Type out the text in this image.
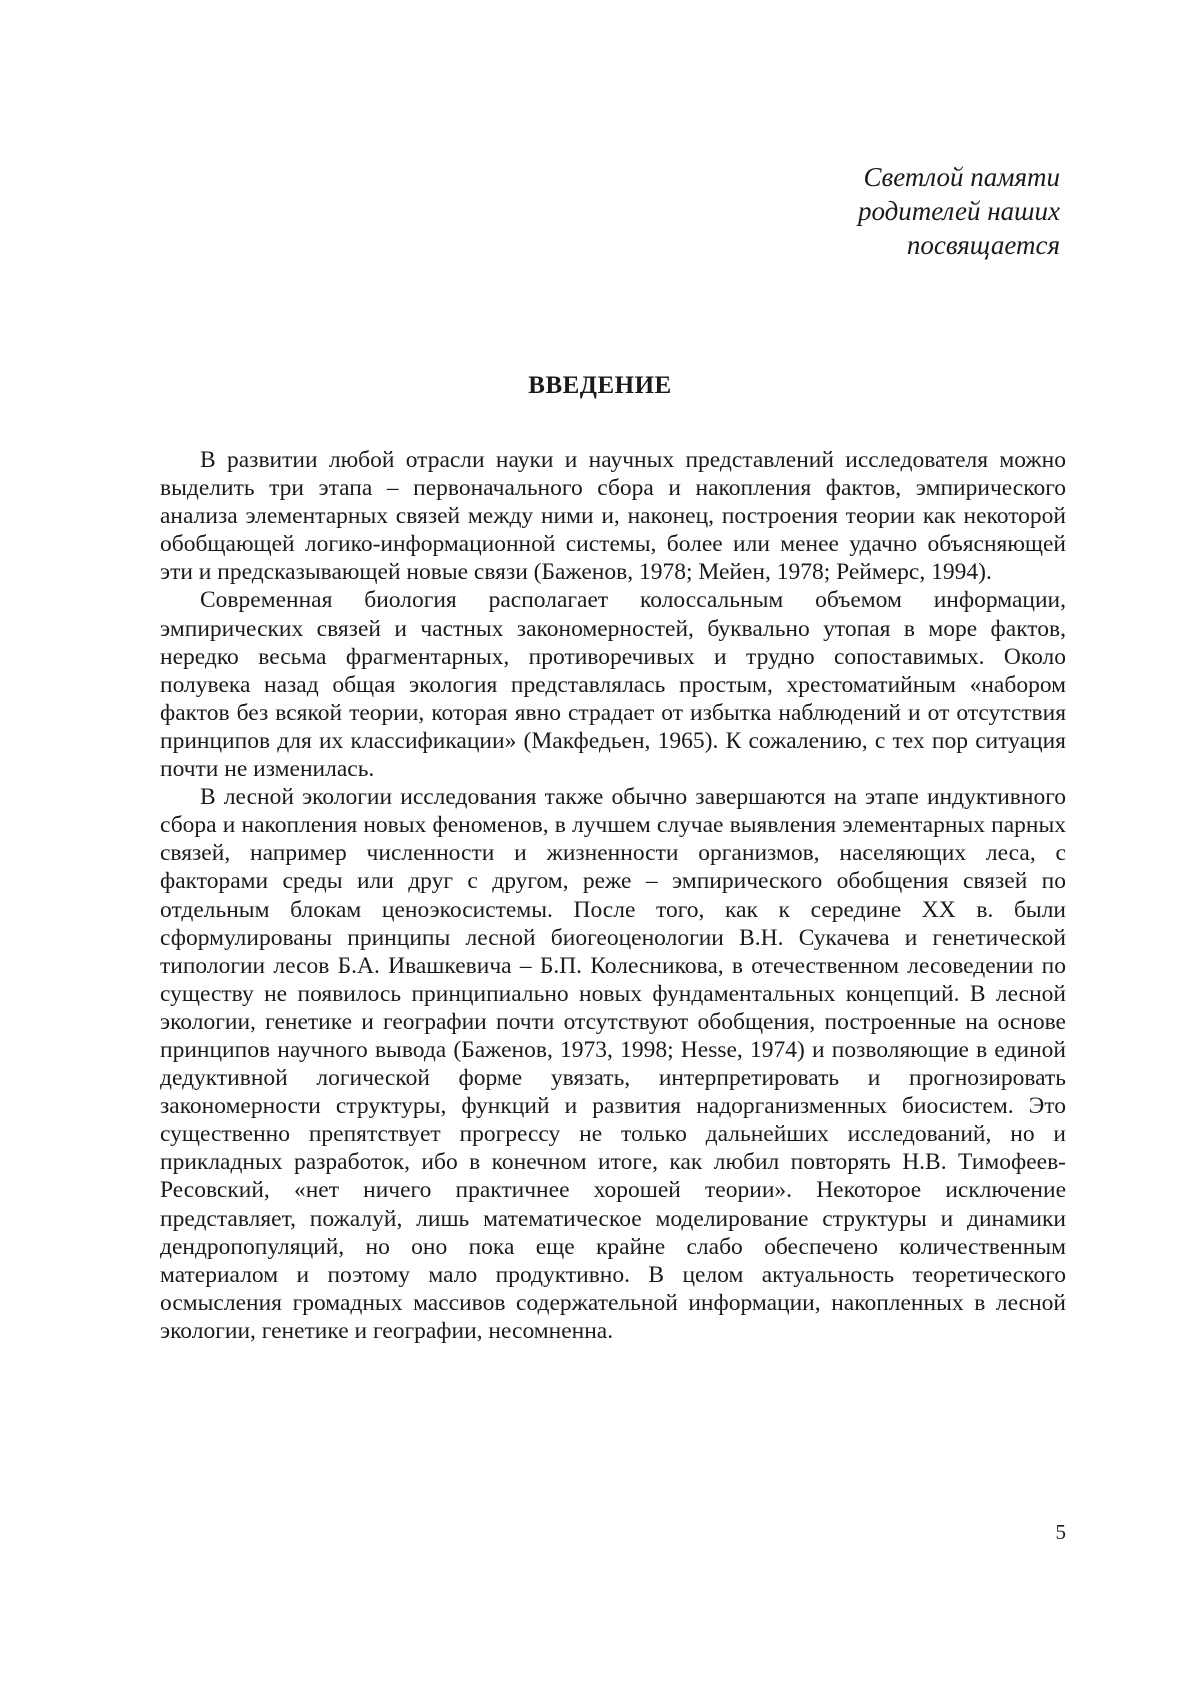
Светлой памяти
родителей наших
посвящается
ВВЕДЕНИЕ

В развитии любой отрасли науки и научных представлений исследователя можно выделить три этапа – первоначального сбора и накопления фактов, эмпирического анализа элементарных связей между ними и, наконец, построения теории как некоторой обобщающей логико-информационной системы, более или менее удачно объясняющей эти и предсказывающей новые связи (Баженов, 1978; Мейен, 1978; Реймерс, 1994).

Современная биология располагает колоссальным объемом информации, эмпирических связей и частных закономерностей, буквально утопая в море фактов, нередко весьма фрагментарных, противоречивых и трудно сопоставимых. Около полувека назад общая экология представлялась простым, хрестоматийным «набором фактов без всякой теории, которая явно страдает от избытка наблюдений и от отсутствия принципов для их классификации» (Макфедьен, 1965). К сожалению, с тех пор ситуация почти не изменилась.

В лесной экологии исследования также обычно завершаются на этапе индуктивного сбора и накопления новых феноменов, в лучшем случае выявления элементарных парных связей, например численности и жизненности организмов, населяющих леса, с факторами среды или друг с другом, реже – эмпирического обобщения связей по отдельным блокам ценоэкосистемы. После того, как к середине XX в. были сформулированы принципы лесной биогеоценологии В.Н. Сукачева и генетической типологии лесов Б.А. Ивашкевича – Б.П. Колесникова, в отечественном лесоведении по существу не появилось принципиально новых фундаментальных концепций. В лесной экологии, генетике и географии почти отсутствуют обобщения, построенные на основе принципов научного вывода (Баженов, 1973, 1998; Hesse, 1974) и позволяющие в единой дедуктивной логической форме увязать, интерпретировать и прогнозировать закономерности структуры, функций и развития надорганизменных биосистем. Это существенно препятствует прогрессу не только дальнейших исследований, но и прикладных разработок, ибо в конечном итоге, как любил повторять Н.В. Тимофеев-Ресовский, «нет ничего практичнее хорошей теории». Некоторое исключение представляет, пожалуй, лишь математическое моделирование структуры и динамики дендропопуляций, но оно пока еще крайне слабо обеспечено количественным материалом и поэтому мало продуктивно. В целом актуальность теоретического осмысления громадных массивов содержательной информации, накопленных в лесной экологии, генетике и географии, несомненна.

5
